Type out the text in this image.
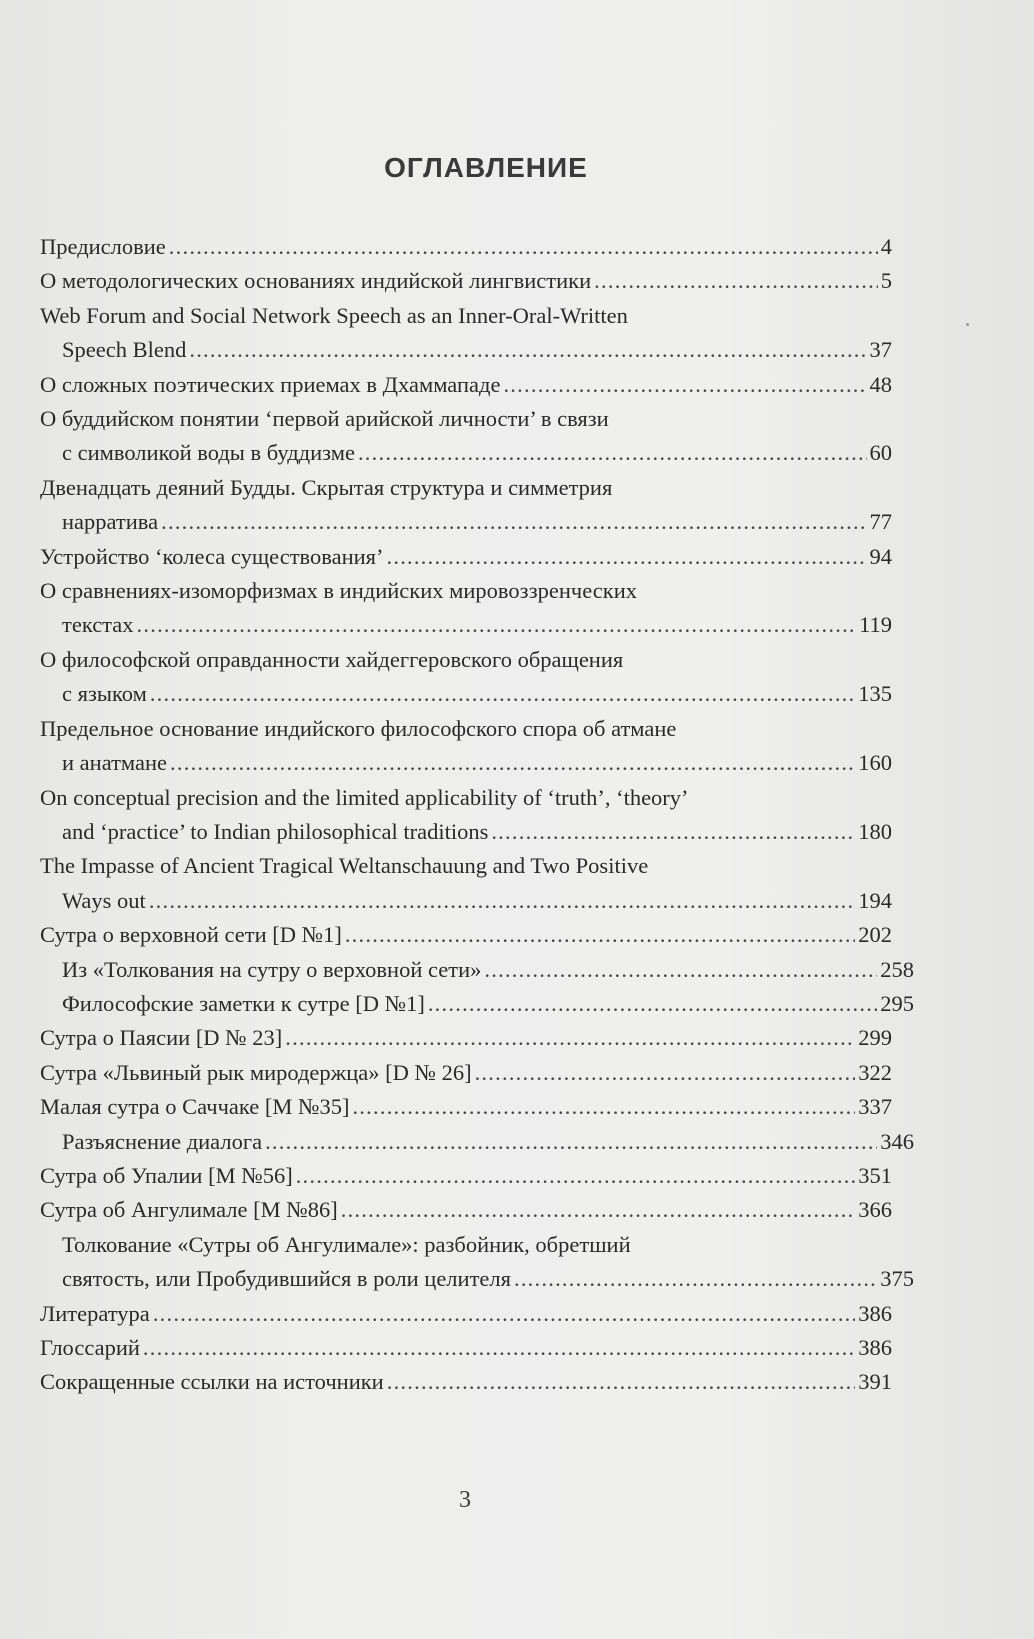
ОГЛАВЛЕНИЕ
Предисловие . . .	4
О методологических основаниях индийской лингвистики . . .	5
Web Forum and Social Network Speech as an Inner-Oral-Written
Speech Blend . . .	37
О сложных поэтических приемах в Дхаммападе . . .	48
О буддийском понятии ‘первой арийской личности’ в связи
с символикой воды в буддизме . . .	60
Двенадцать деяний Будды. Скрытая структура и симметрия
нарратива . . .	77
Устройство ‘колеса существования’ . . .	94
О сравнениях-изоморфизмах в индийских мировоззренческих
текстах . . .	119
О философской оправданности хайдеггеровского обращения
с языком . . .	135
Предельное основание индийского философского спора об атмане
и анатмане . . .	160
On conceptual precision and the limited applicability of ‘truth’, ‘theory’
and ‘practice’ to Indian philosophical traditions . . .	180
The Impasse of Ancient Tragical Weltanschauung and Two Positive
Ways out . . .	194
Сутра о верховной сети [D №1] . . .	202
Из «Толкования на сутру о верховной сети» . . .	258
Философские заметки к сутре [D №1] . . .	295
Сутра о Паясии [D № 23] . . .	299
Сутра «Львиный рык миродержца» [D № 26] . . .	322
Малая сутра о Саччаке [M №35] . . .	337
Разъяснение диалога . . .	346
Сутра об Упалии [M №56] . . .	351
Сутра об Ангулимале [M №86] . . .	366
Толкование «Сутры об Ангулимале»: разбойник, обретший
святость, или Пробудившийся в роли целителя . . .	375
Литература . . .	386
Глоссарий . . .	386
Сокращенные ссылки на источники . . .	391
3
